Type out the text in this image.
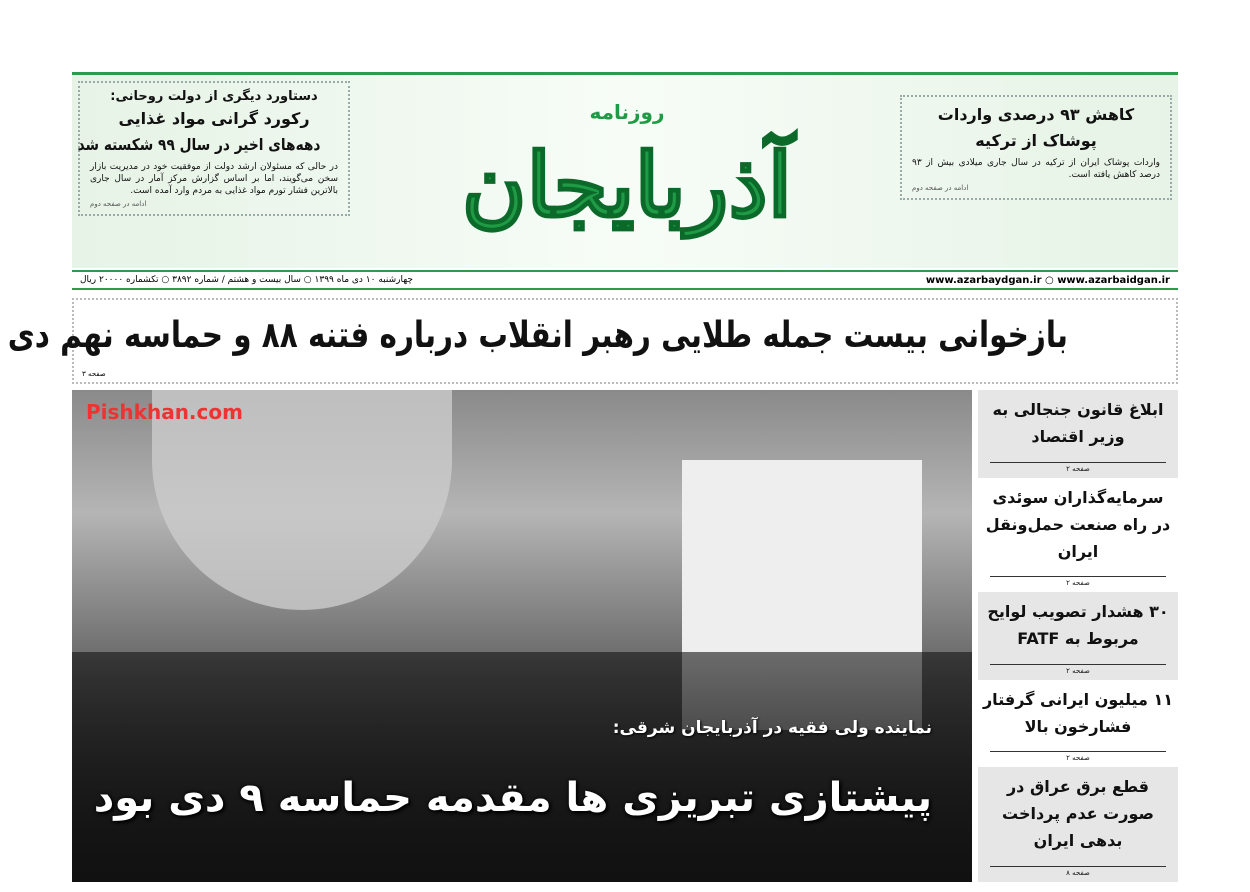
دستاورد دیگری از دولت روحانی:
رکورد گرانی مواد غذایی
دهه‌های اخیر در سال ۹۹ شکسته شد
در حالی که مسئولان ارشد دولت از موفقیت خود در مدیریت بازار سخن می‌گویند، اما بر اساس گزارش مرکز آمار در سال جاری بالاترین فشار تورم مواد غذایی به مردم وارد آمده است.
ادامه در صفحه دوم
روزنامه
آذربایجان
کاهش ۹۳ درصدی واردات پوشاک از ترکیه
واردات پوشاک ایران از ترکیه در سال جاری میلادی بیش از ۹۳ درصد کاهش یافته است.
ادامه در صفحه دوم
www.azarbaydgan.ir ○ www.azarbaidgan.ir
چهارشنبه ۱۰ دی ماه ۱۳۹۹ ○ سال بیست و هشتم / شماره ۳۸۹۲ ○ تکشماره ۲۰۰۰۰ ریال
بازخوانی بیست جمله طلایی رهبر انقلاب درباره فتنه ۸۸ و حماسه نهم دی
صفحه ۳
Pishkhan.com
نماینده ولی فقیه در آذربایجان شرقی:
پیشتازی تبریزی ها مقدمه حماسه ۹ دی بود
ابلاغ قانون جنجالی به وزیر اقتصاد
صفحه ۲
سرمایه‌گذاران سوئدی در راه صنعت حمل‌ونقل ایران
صفحه ۲
۳۰ هشدار تصویب لوایح مربوط به FATF
صفحه ۲
۱۱ میلیون ایرانی گرفتار فشارخون بالا
صفحه ۲
قطع برق عراق در صورت عدم پرداخت بدهی ایران
صفحه ۸
